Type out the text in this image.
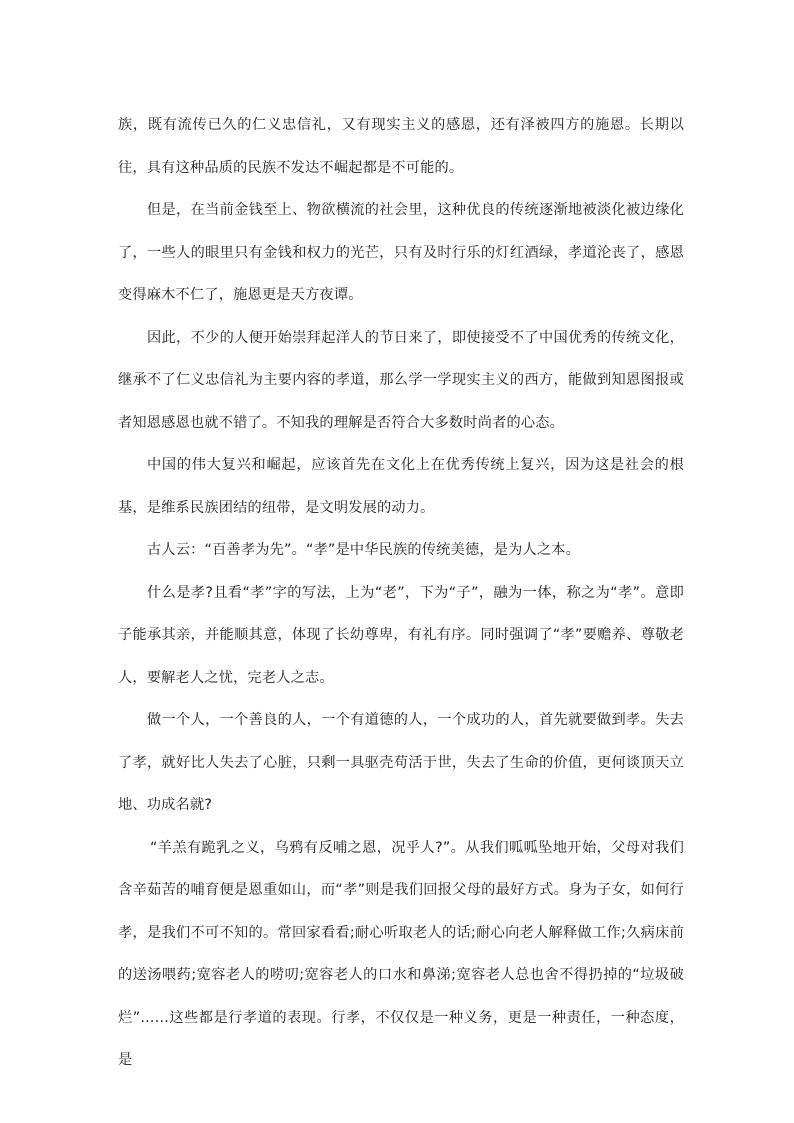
族，既有流传已久的仁义忠信礼，又有现实主义的感恩，还有泽被四方的施恩。长期以往，具有这种品质的民族不发达不崛起都是不可能的。

但是，在当前金钱至上、物欲横流的社会里，这种优良的传统逐渐地被淡化被边缘化了，一些人的眼里只有金钱和权力的光芒，只有及时行乐的灯红酒绿，孝道沦丧了，感恩变得麻木不仁了，施恩更是天方夜谭。

因此，不少的人便开始崇拜起洋人的节日来了，即使接受不了中国优秀的传统文化，继承不了仁义忠信礼为主要内容的孝道，那么学一学现实主义的西方，能做到知恩图报或者知恩感恩也就不错了。不知我的理解是否符合大多数时尚者的心态。

中国的伟大复兴和崛起，应该首先在文化上在优秀传统上复兴，因为这是社会的根基，是维系民族团结的纽带，是文明发展的动力。

古人云：“百善孝为先”。“孝”是中华民族的传统美德，是为人之本。

什么是孝?且看“孝”字的写法，上为“老”，下为“子”，融为一体，称之为“孝”。意即子能承其亲，并能顺其意，体现了长幼尊卑，有礼有序。同时强调了“孝”要赡养、尊敬老人，要解老人之忧，完老人之志。

做一个人，一个善良的人，一个有道德的人，一个成功的人，首先就要做到孝。失去了孝，就好比人失去了心脏，只剩一具驱壳苟活于世，失去了生命的价值，更何谈顶天立地、功成名就?

“羊羔有跪乳之义，乌鸦有反哺之恩，况乎人?”。从我们呱呱坠地开始，父母对我们含辛茹苦的哺育便是恩重如山，而“孝”则是我们回报父母的最好方式。身为子女，如何行孝，是我们不可不知的。常回家看看;耐心听取老人的话;耐心向老人解释做工作;久病床前的送汤喂药;宽容老人的唠叨;宽容老人的口水和鼻涕;宽容老人总也舍不得扔掉的“垃圾破烂”……这些都是行孝道的表现。行孝，不仅仅是一种义务，更是一种责任，一种态度，是
